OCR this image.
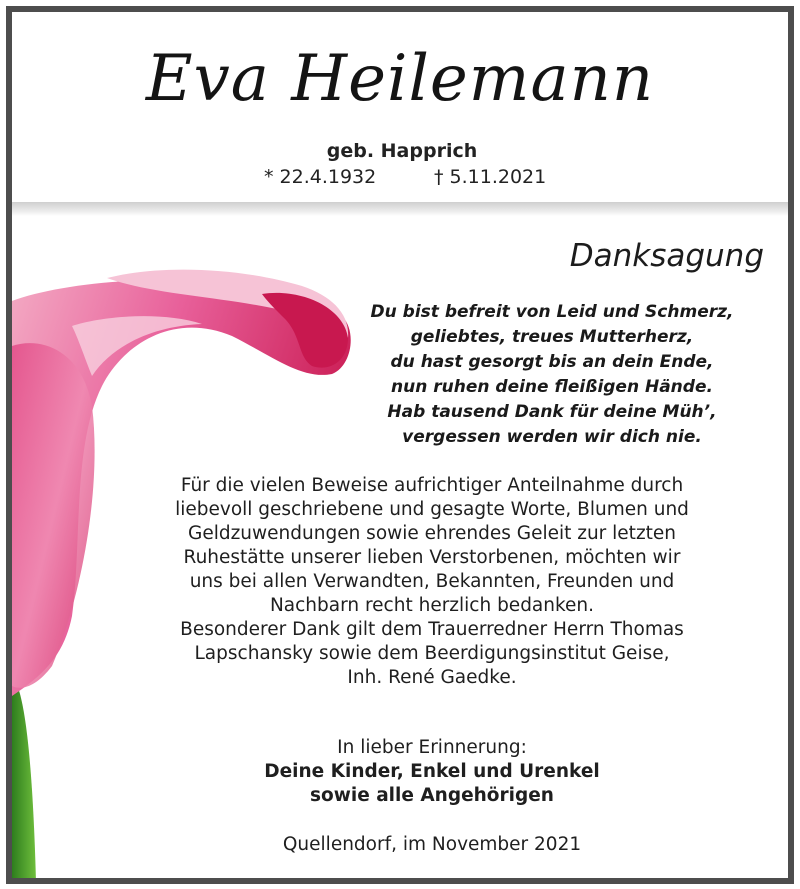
Eva Heilemann
geb. Happrich
* 22.4.1932	† 5.11.2021
Danksagung
Du bist befreit von Leid und Schmerz,
geliebtes, treues Mutterherz,
du hast gesorgt bis an dein Ende,
nun ruhen deine fleißigen Hände.
Hab tausend Dank für deine Müh’,
vergessen werden wir dich nie.
Für die vielen Beweise aufrichtiger Anteilnahme durch
liebevoll geschriebene und gesagte Worte, Blumen und
Geldzuwendungen sowie ehrendes Geleit zur letzten
Ruhestätte unserer lieben Verstorbenen, möchten wir
uns bei allen Verwandten, Bekannten, Freunden und
Nachbarn recht herzlich bedanken.
Besonderer Dank gilt dem Trauerredner Herrn Thomas
Lapschansky sowie dem Beerdigungsinstitut Geise,
Inh. René Gaedke.
In lieber Erinnerung:
Deine Kinder, Enkel und Urenkel
sowie alle Angehörigen
Quellendorf, im November 2021
